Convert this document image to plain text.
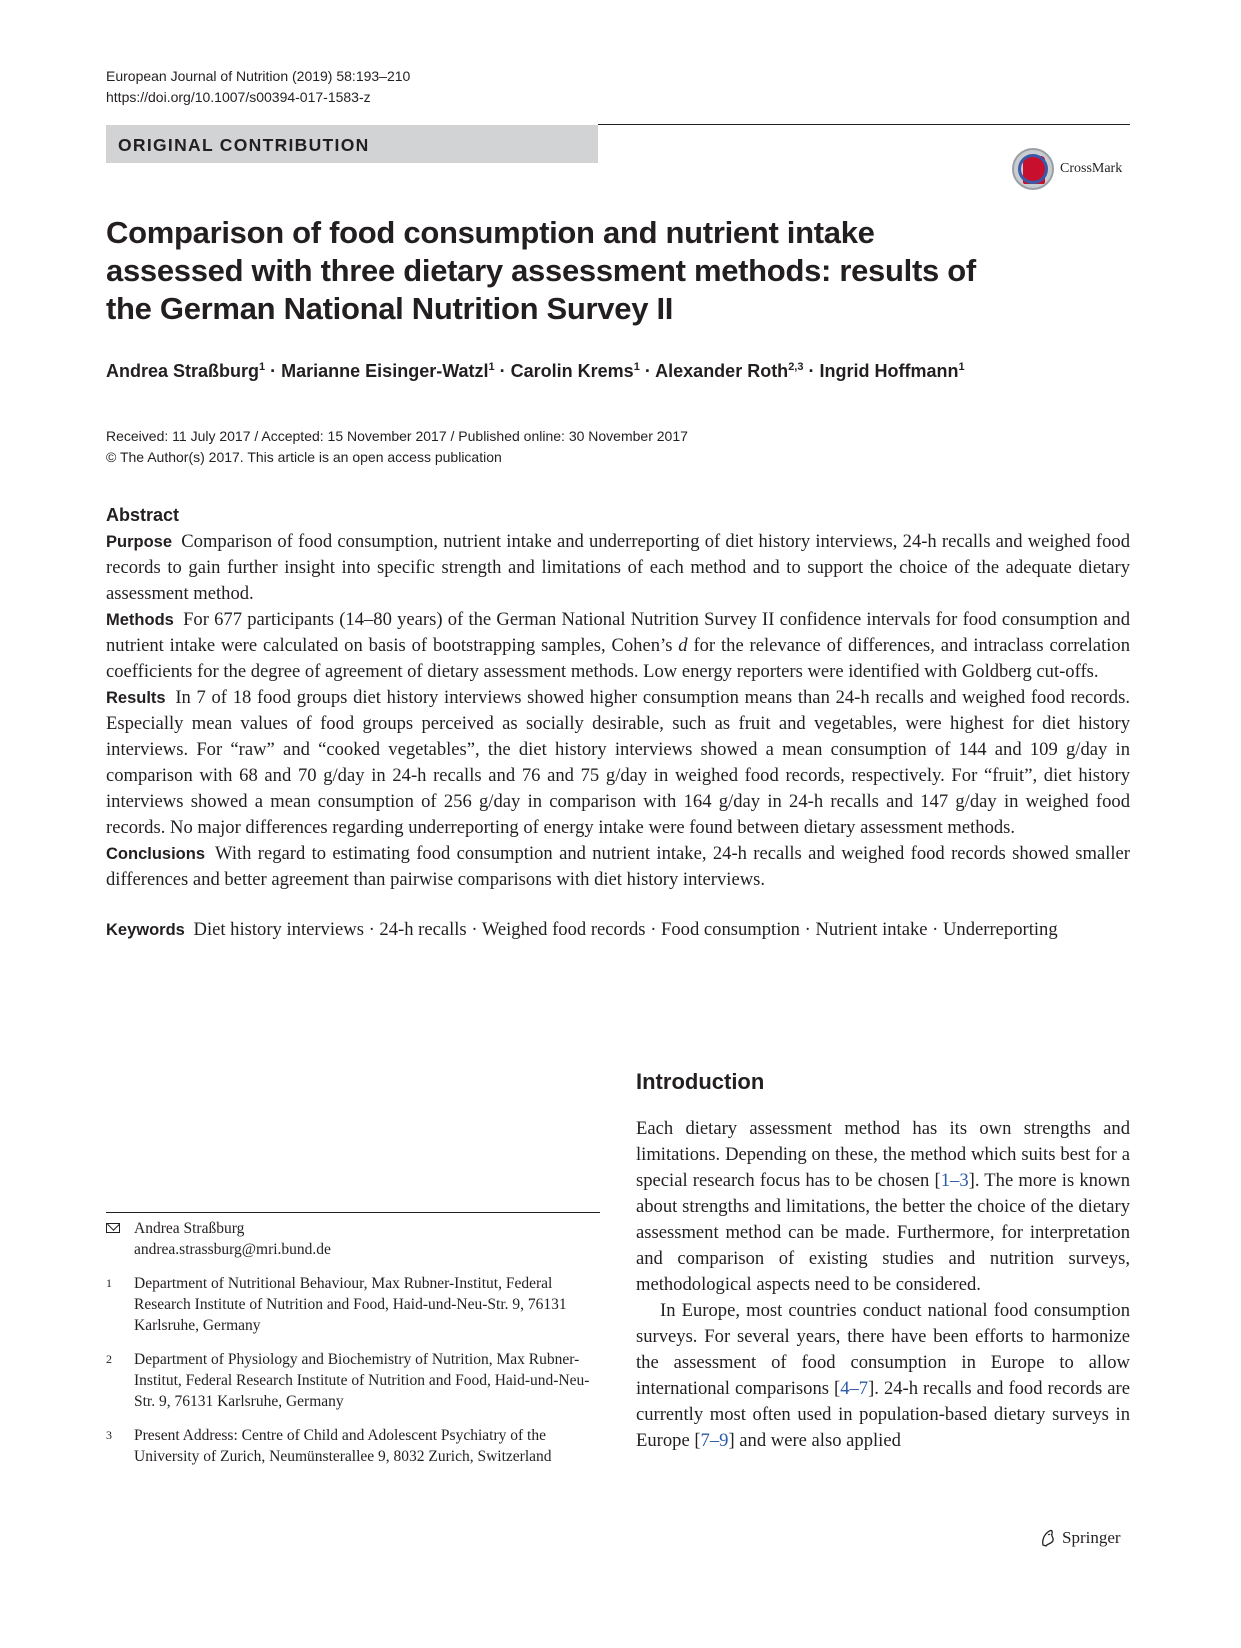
European Journal of Nutrition (2019) 58:193–210
https://doi.org/10.1007/s00394-017-1583-z
ORIGINAL CONTRIBUTION
CrossMark
Comparison of food consumption and nutrient intake assessed with three dietary assessment methods: results of the German National Nutrition Survey II
Andrea Straßburg$^1$ · Marianne Eisinger-Watzl$^1$ · Carolin Krems$^1$ · Alexander Roth$^{2,3}$ · Ingrid Hoffmann$^1$
Received: 11 July 2017 / Accepted: 15 November 2017 / Published online: 30 November 2017
© The Author(s) 2017. This article is an open access publication
Abstract
Purpose Comparison of food consumption, nutrient intake and underreporting of diet history interviews, 24-h recalls and weighed food records to gain further insight into specific strength and limitations of each method and to support the choice of the adequate dietary assessment method.
Methods For 677 participants (14–80 years) of the German National Nutrition Survey II confidence intervals for food consumption and nutrient intake were calculated on basis of bootstrapping samples, Cohen’s d for the relevance of differences, and intraclass correlation coefficients for the degree of agreement of dietary assessment methods. Low energy reporters were identified with Goldberg cut-offs.
Results In 7 of 18 food groups diet history interviews showed higher consumption means than 24-h recalls and weighed food records. Especially mean values of food groups perceived as socially desirable, such as fruit and vegetables, were highest for diet history interviews. For “raw” and “cooked vegetables”, the diet history interviews showed a mean consumption of 144 and 109 g/day in comparison with 68 and 70 g/day in 24-h recalls and 76 and 75 g/day in weighed food records, respectively. For “fruit”, diet history interviews showed a mean consumption of 256 g/day in comparison with 164 g/day in 24-h recalls and 147 g/day in weighed food records. No major differences regarding underreporting of energy intake were found between dietary assessment methods.
Conclusions With regard to estimating food consumption and nutrient intake, 24-h recalls and weighed food records showed smaller differences and better agreement than pairwise comparisons with diet history interviews.
Keywords Diet history interviews · 24-h recalls · Weighed food records · Food consumption · Nutrient intake · Underreporting
Introduction

Each dietary assessment method has its own strengths and limitations. Depending on these, the method which suits best for a special research focus has to be chosen [1–3]. The more is known about strengths and limitations, the better the choice of the dietary assessment method can be made. Furthermore, for interpretation and comparison of existing studies and nutrition surveys, methodological aspects need to be considered.

In Europe, most countries conduct national food consumption surveys. For several years, there have been efforts to harmonize the assessment of food consumption in Europe to allow international comparisons [4–7]. 24-h recalls and food records are currently most often used in population-based dietary surveys in Europe [7–9] and were also applied

Andrea Straßburg
andrea.strassburg@mri.bund.de
1	Department of Nutritional Behaviour, Max Rubner-Institut, Federal Research Institute of Nutrition and Food, Haid-und-Neu-Str. 9, 76131 Karlsruhe, Germany
2	Department of Physiology and Biochemistry of Nutrition, Max Rubner-Institut, Federal Research Institute of Nutrition and Food, Haid-und-Neu-Str. 9, 76131 Karlsruhe, Germany
3	Present Address: Centre of Child and Adolescent Psychiatry of the University of Zurich, Neumünsterallee 9, 8032 Zurich, Switzerland
Springer
